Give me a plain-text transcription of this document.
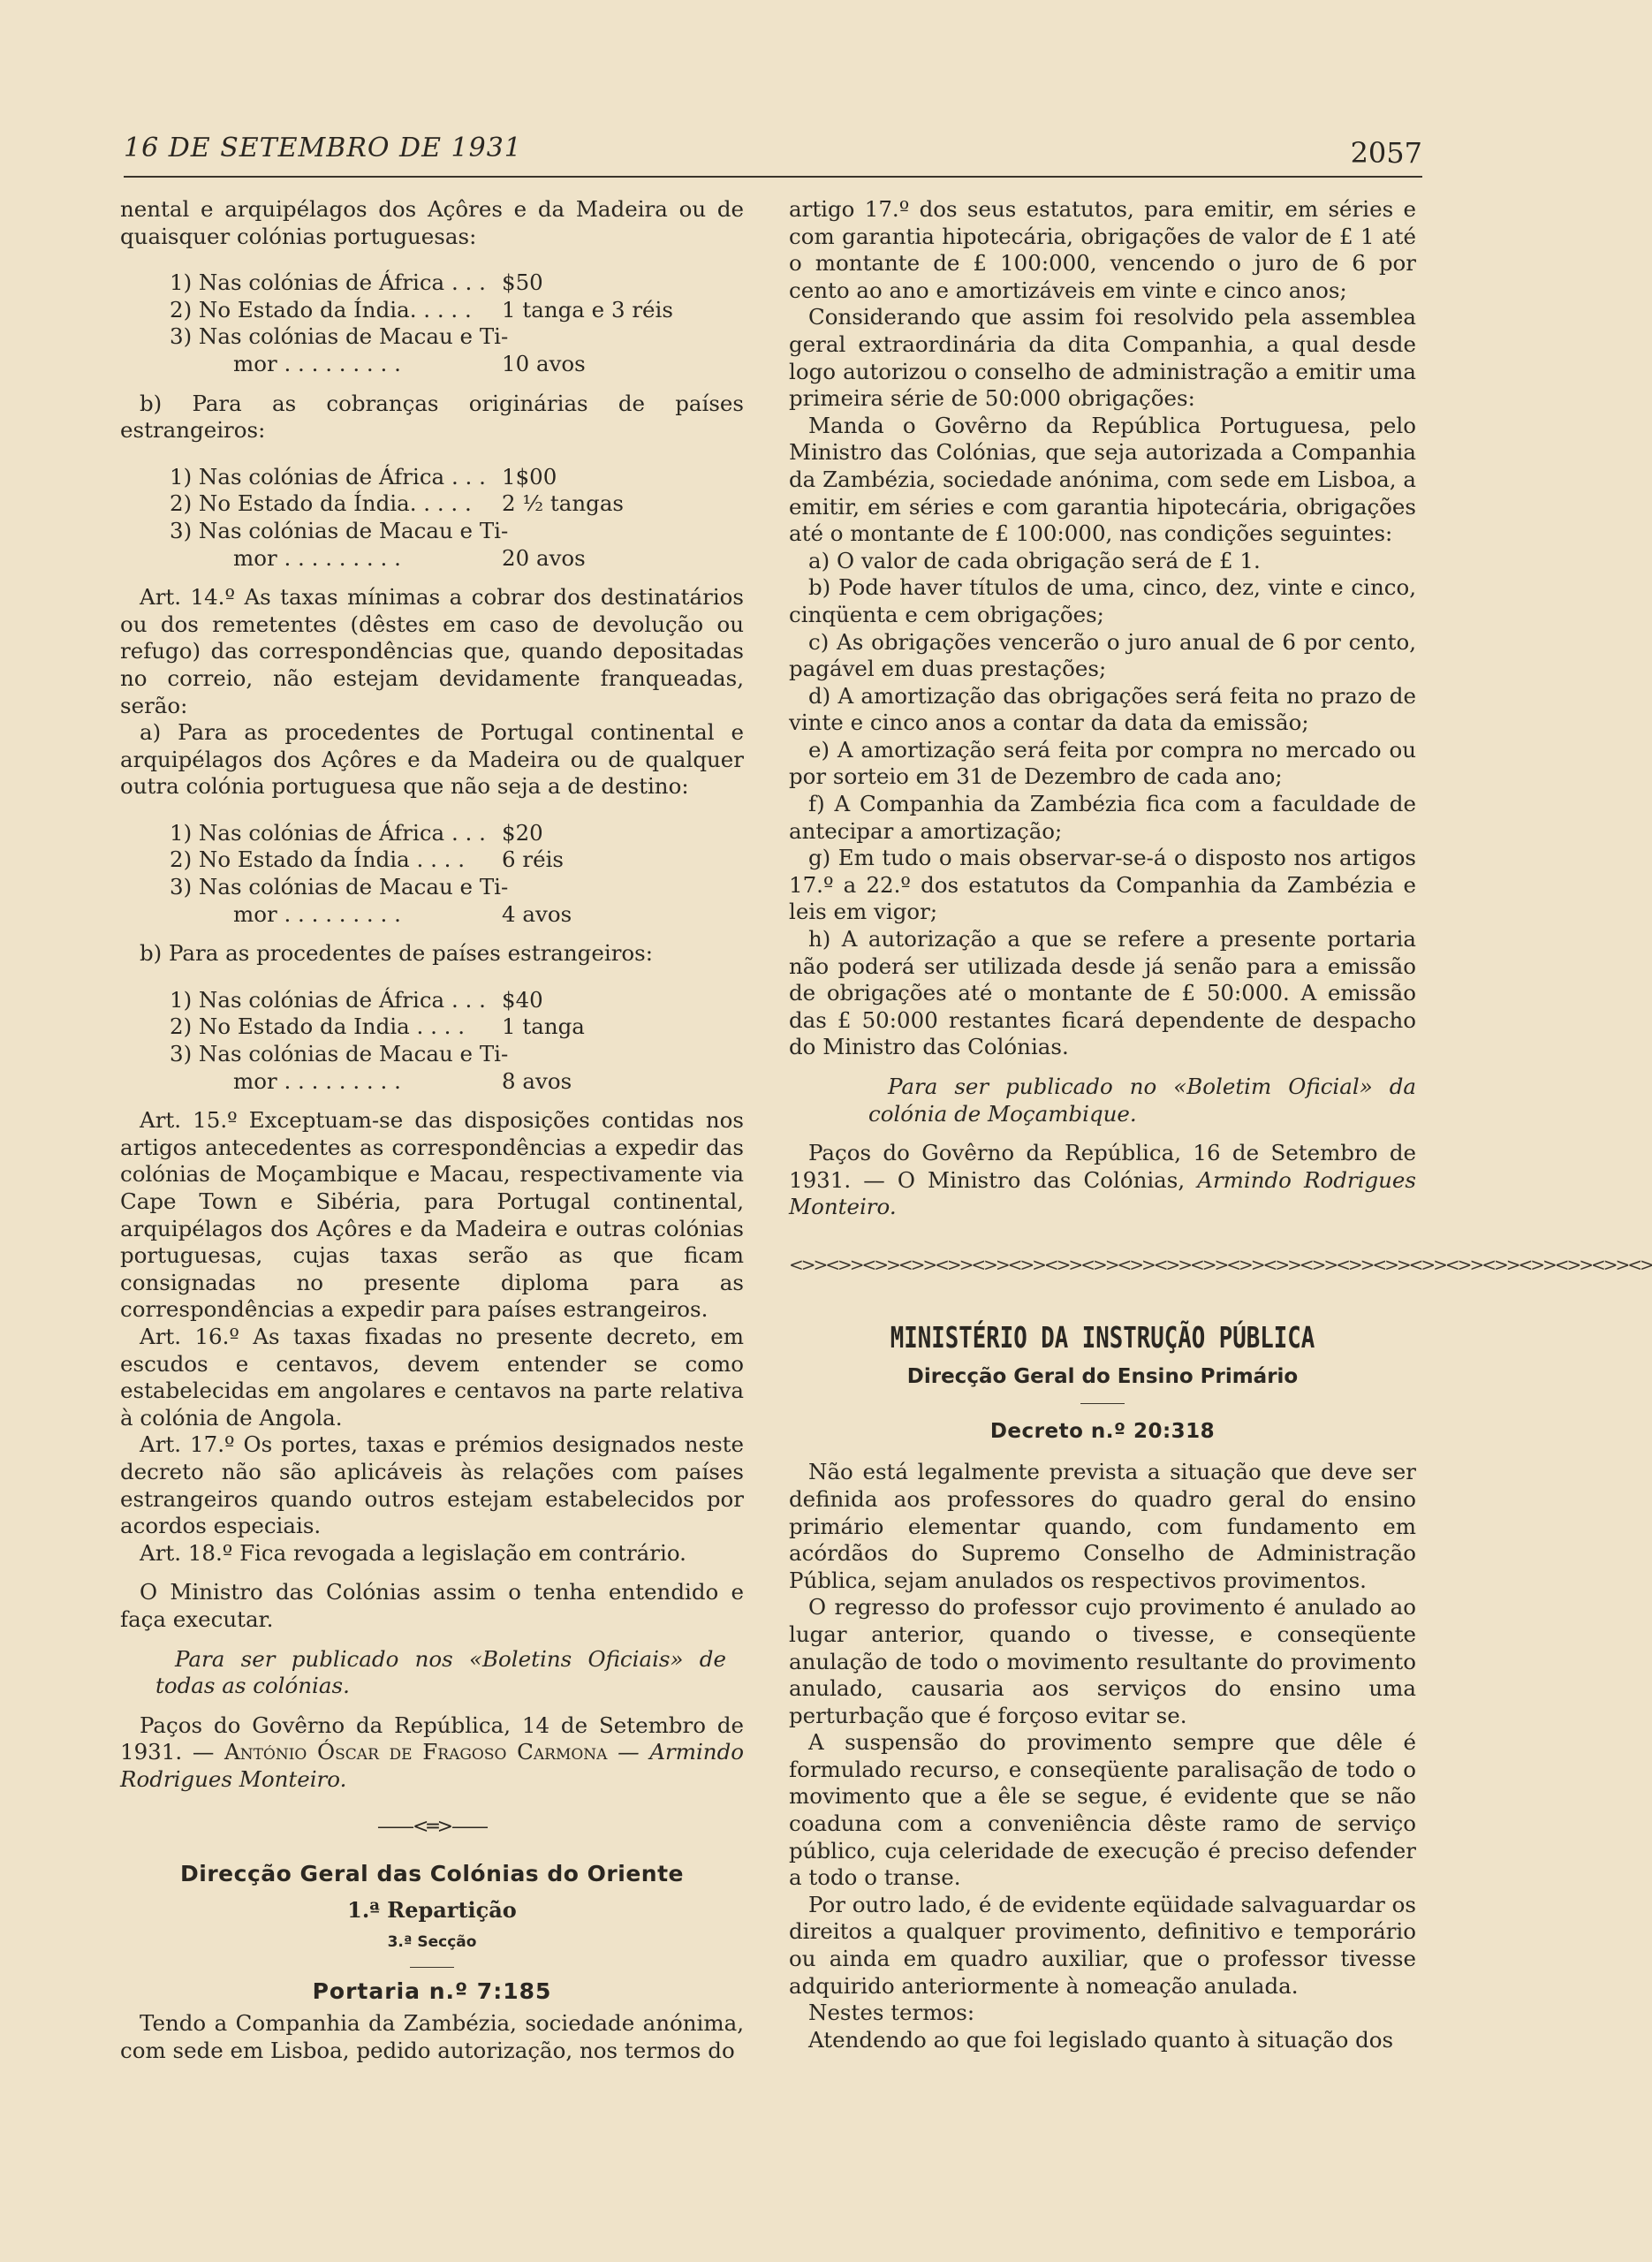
16 DE SETEMBRO DE 1931	2057

nental e arquipélagos dos Açôres e da Madeira ou de quaisquer colónias portuguesas:

1) Nas colónias de África . . . $50
2) No Estado da Índia. . . . .	1 tanga e 3 réis
3) Nas colónias de Macau e Ti-
mor . . . . . . . . .	10 avos

b) Para as cobranças originárias de países estrangeiros:

1) Nas colónias de África . . . 1$00
2) No Estado da Índia. . . . .	2 ½ tangas
3) Nas colónias de Macau e Ti-
mor . . . . . . . . .	20 avos

Art. 14.º As taxas mínimas a cobrar dos destinatários ou dos remetentes (dêstes em caso de devolução ou refugo) das correspondências que, quando depositadas no correio, não estejam devidamente franqueadas, serão:

a) Para as procedentes de Portugal continental e arquipélagos dos Açôres e da Madeira ou de qualquer outra colónia portuguesa que não seja a de destino:

1) Nas colónias de África . . . $20
2) No Estado da Índia . . . .	6 réis
3) Nas colónias de Macau e Ti-
mor . . . . . . . . .	4 avos

b) Para as procedentes de países estrangeiros:

1) Nas colónias de África . . . $40
2) No Estado da India . . . .	1 tanga
3) Nas colónias de Macau e Ti-
mor . . . . . . . . .	8 avos

Art. 15.º Exceptuam-se das disposições contidas nos artigos antecedentes as correspondências a expedir das colónias de Moçambique e Macau, respectivamente via Cape Town e Sibéria, para Portugal continental, arquipélagos dos Açôres e da Madeira e outras colónias portuguesas, cujas taxas serão as que ficam consignadas no presente diploma para as correspondências a expedir para países estrangeiros.

Art. 16.º As taxas fixadas no presente decreto, em escudos e centavos, devem entender se como estabelecidas em angolares e centavos na parte relativa à colónia de Angola.

Art. 17.º Os portes, taxas e prémios designados neste decreto não são aplicáveis às relações com países estrangeiros quando outros estejam estabelecidos por acordos especiais.

Art. 18.º Fica revogada a legislação em contrário.

O Ministro das Colónias assim o tenha entendido e faça executar.

Para ser publicado nos «Boletins Oficiais» de todas as colónias.

Paços do Govêrno da República, 14 de Setembro de 1931. — António Óscar de Fragoso Carmona — Armindo Rodrigues Monteiro.

——<═>——
Direcção Geral das Colónias do Oriente
1.ª Repartição
3.ª Secção
Portaria n.º 7:185

Tendo a Companhia da Zambézia, sociedade anónima, com sede em Lisboa, pedido autorização, nos termos do

artigo 17.º dos seus estatutos, para emitir, em séries e com garantia hipotecária, obrigações de valor de £ 1 até o montante de £ 100:000, vencendo o juro de 6 por cento ao ano e amortizáveis em vinte e cinco anos;

Considerando que assim foi resolvido pela assemblea geral extraordinária da dita Companhia, a qual desde logo autorizou o conselho de administração a emitir uma primeira série de 50:000 obrigações:

Manda o Govêrno da República Portuguesa, pelo Ministro das Colónias, que seja autorizada a Companhia da Zambézia, sociedade anónima, com sede em Lisboa, a emitir, em séries e com garantia hipotecária, obrigações até o montante de £ 100:000, nas condições seguintes:

a) O valor de cada obrigação será de £ 1.

b) Pode haver títulos de uma, cinco, dez, vinte e cinco, cinqüenta e cem obrigações;

c) As obrigações vencerão o juro anual de 6 por cento, pagável em duas prestações;

d) A amortização das obrigações será feita no prazo de vinte e cinco anos a contar da data da emissão;

e) A amortização será feita por compra no mercado ou por sorteio em 31 de Dezembro de cada ano;

f) A Companhia da Zambézia fica com a faculdade de antecipar a amortização;

g) Em tudo o mais observar-se-á o disposto nos artigos 17.º a 22.º dos estatutos da Companhia da Zambézia e leis em vigor;

h) A autorização a que se refere a presente portaria não poderá ser utilizada desde já senão para a emissão de obrigações até o montante de £ 50:000. A emissão das £ 50:000 restantes ficará dependente de despacho do Ministro das Colónias.

Para ser publicado no «Boletim Oficial» da colónia de Moçambique.

Paços do Govêrno da República, 16 de Setembro de 1931. — O Ministro das Colónias, Armindo Rodrigues Monteiro.

<>><>><>><>><>><>><>><>><>><>><>><>><>><>><>><>><>><>><>><>><>><>><>><>
MINISTÉRIO DA INSTRUÇÃO PÚBLICA
Direcção Geral do Ensino Primário
Decreto n.º 20:318

Não está legalmente prevista a situação que deve ser definida aos professores do quadro geral do ensino primário elementar quando, com fundamento em acórdãos do Supremo Conselho de Administração Pública, sejam anulados os respectivos provimentos.

O regresso do professor cujo provimento é anulado ao lugar anterior, quando o tivesse, e conseqüente anulação de todo o movimento resultante do provimento anulado, causaria aos serviços do ensino uma perturbação que é forçoso evitar se.

A suspensão do provimento sempre que dêle é formulado recurso, e conseqüente paralisação de todo o movimento que a êle se segue, é evidente que se não coaduna com a conveniência dêste ramo de serviço público, cuja celeridade de execução é preciso defender a todo o transe.

Por outro lado, é de evidente eqüidade salvaguardar os direitos a qualquer provimento, definitivo e temporário ou ainda em quadro auxiliar, que o professor tivesse adquirido anteriormente à nomeação anulada.

Nestes termos:

Atendendo ao que foi legislado quanto à situação dos
